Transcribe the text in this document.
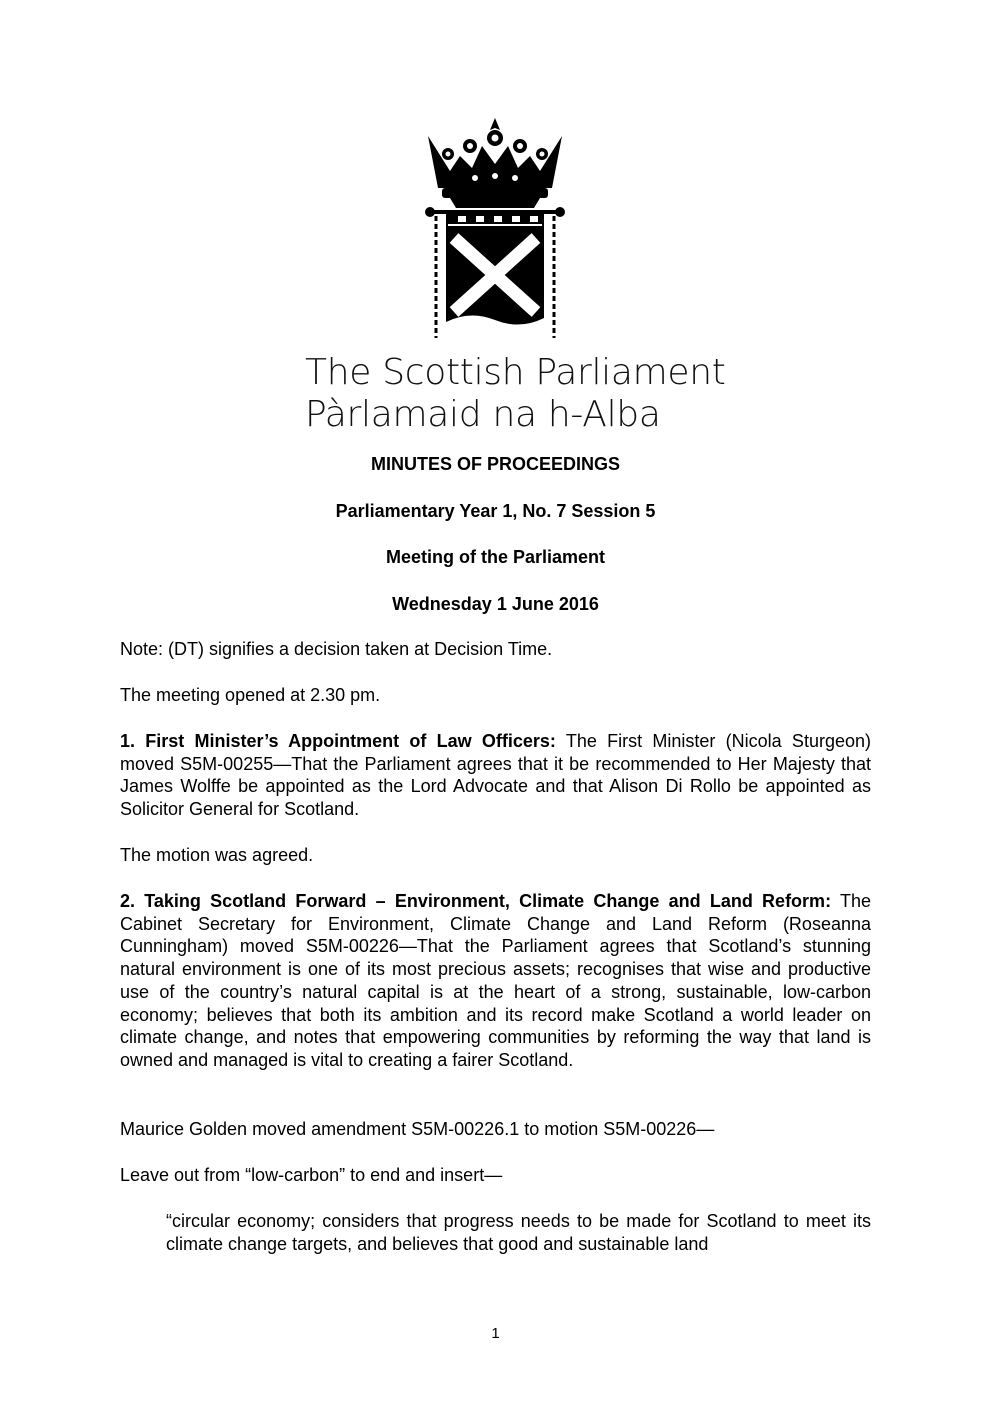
The Scottish Parliament
Pàrlamaid na h-Alba
MINUTES OF PROCEEDINGS
Parliamentary Year 1, No. 7 Session 5
Meeting of the Parliament
Wednesday 1 June 2016
Note: (DT) signifies a decision taken at Decision Time.
The meeting opened at 2.30 pm.
1. First Minister’s Appointment of Law Officers: The First Minister (Nicola Sturgeon) moved S5M-00255—That the Parliament agrees that it be recommended to Her Majesty that James Wolffe be appointed as the Lord Advocate and that Alison Di Rollo be appointed as Solicitor General for Scotland.
The motion was agreed.
2. Taking Scotland Forward – Environment, Climate Change and Land Reform: The Cabinet Secretary for Environment, Climate Change and Land Reform (Roseanna Cunningham) moved S5M-00226—That the Parliament agrees that Scotland’s stunning natural environment is one of its most precious assets; recognises that wise and productive use of the country’s natural capital is at the heart of a strong, sustainable, low-carbon economy; believes that both its ambition and its record make Scotland a world leader on climate change, and notes that empowering communities by reforming the way that land is owned and managed is vital to creating a fairer Scotland.
Maurice Golden moved amendment S5M-00226.1 to motion S5M-00226—
Leave out from “low-carbon” to end and insert—
“circular economy; considers that progress needs to be made for Scotland to meet its climate change targets, and believes that good and sustainable land
1
